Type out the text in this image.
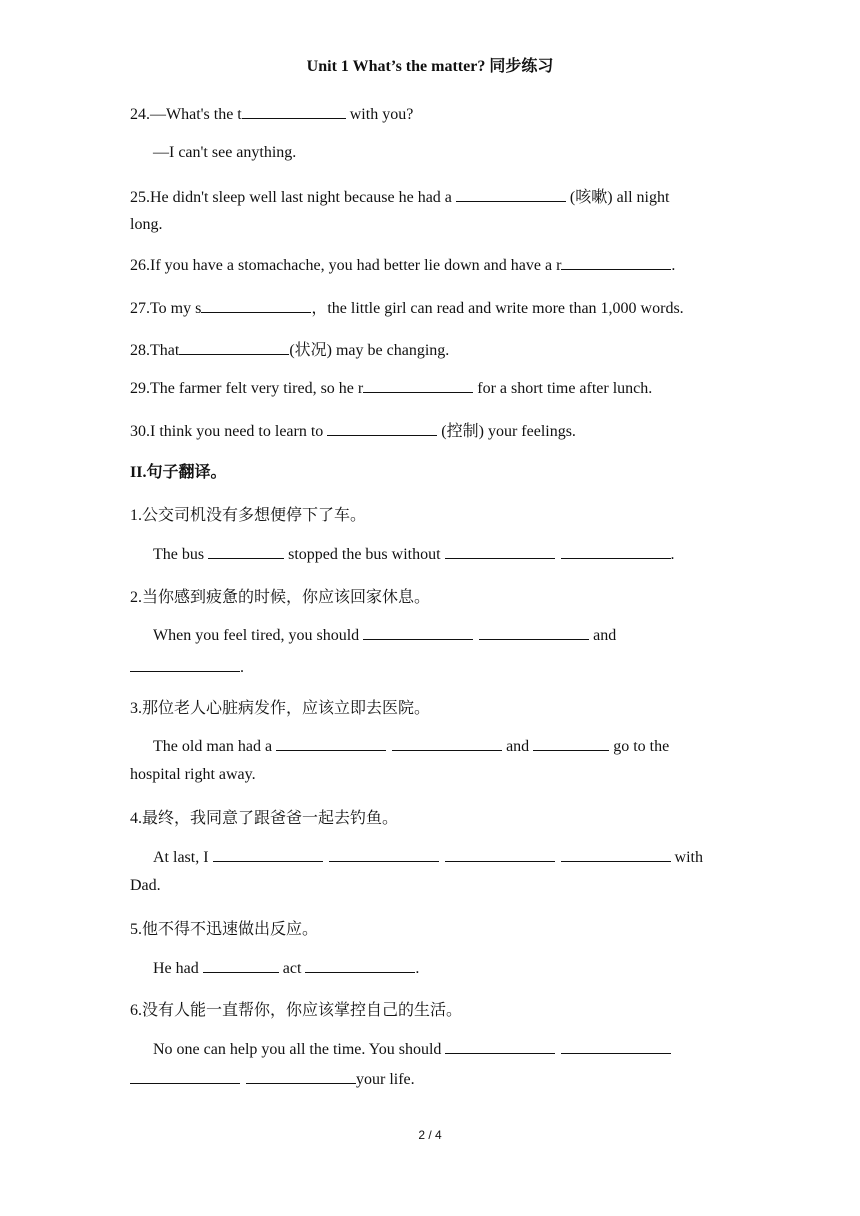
Unit 1 What’s the matter? 同步练习
24.—What's the t	with you?
—I can't see anything.
25.He didn't sleep well last night because he had a	(咳嗽) all night
long.
26.If you have a stomachache, you had better lie down and have a r	.
27.To my s	，the little girl can read and write more than 1,000 words.
28.That	(状况) may be changing.
29.The farmer felt very tired, so he r	for a short time after lunch.
30.I think you need to learn to	(控制) your feelings.
II.句子翻译。
1.公交司机没有多想便停下了车。
The bus	stopped the bus without	.
2.当你感到疲惫的时候，你应该回家休息。
When you feel tired, you should	and
.
3.那位老人心脏病发作，应该立即去医院。
The old man had a	and	go to the
hospital right away.
4.最终，我同意了跟爸爸一起去钓鱼。
At last, I	with
Dad.
5.他不得不迅速做出反应。
He had	act	.
6.没有人能一直帮你，你应该掌控自己的生活。
No one can help you all the time. You should
your life.
2 / 4
